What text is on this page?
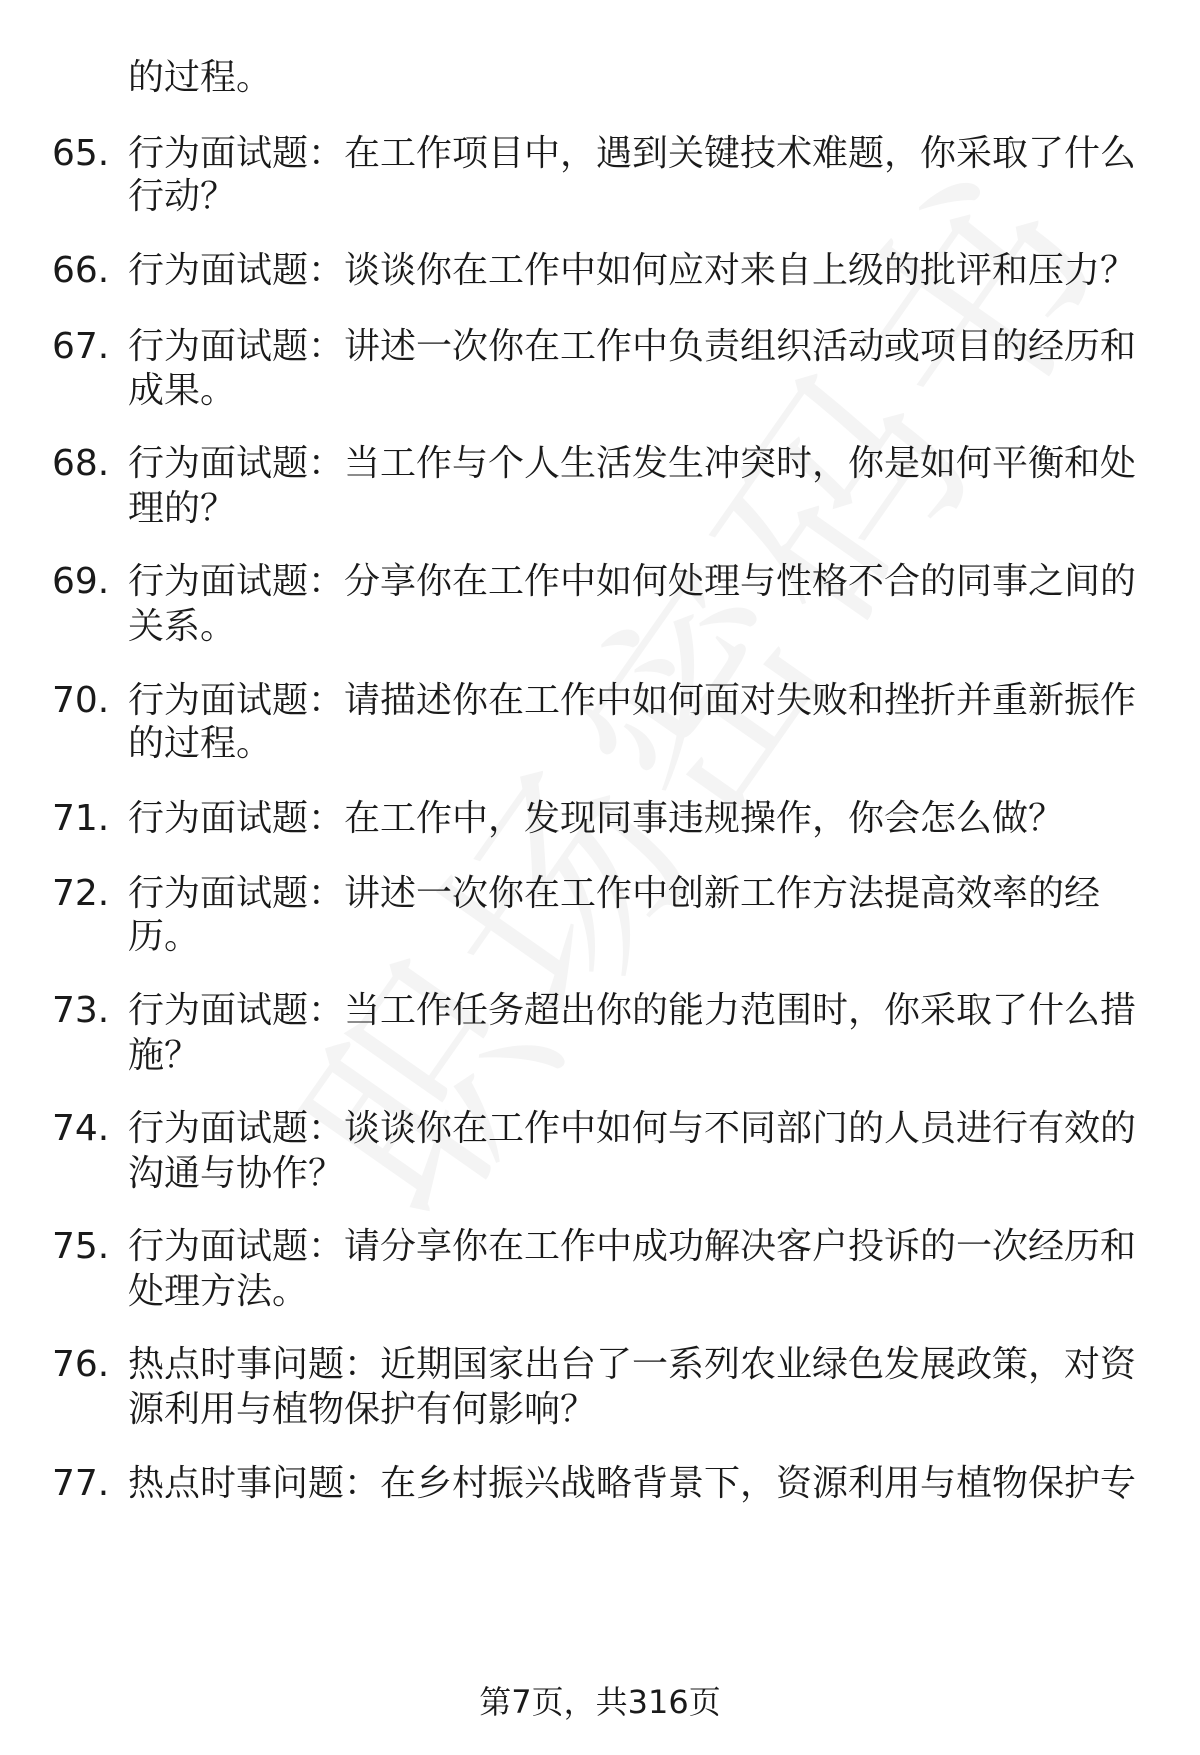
的过程。
65. 行为面试题：在工作项目中，遇到关键技术难题，你采取了什么
行动？
66. 行为面试题：谈谈你在工作中如何应对来自上级的批评和压力？
67. 行为面试题：讲述一次你在工作中负责组织活动或项目的经历和
成果。
68. 行为面试题：当工作与个人生活发生冲突时，你是如何平衡和处
理的？
69. 行为面试题：分享你在工作中如何处理与性格不合的同事之间的
关系。
70. 行为面试题：请描述你在工作中如何面对失败和挫折并重新振作
的过程。
71. 行为面试题：在工作中，发现同事违规操作，你会怎么做？
72. 行为面试题：讲述一次你在工作中创新工作方法提高效率的经
历。
73. 行为面试题：当工作任务超出你的能力范围时，你采取了什么措
施？
74. 行为面试题：谈谈你在工作中如何与不同部门的人员进行有效的
沟通与协作？
75. 行为面试题：请分享你在工作中成功解决客户投诉的一次经历和
处理方法。
76. 热点时事问题：近期国家出台了一系列农业绿色发展政策，对资
源利用与植物保护有何影响？
77. 热点时事问题：在乡村振兴战略背景下，资源利用与植物保护专
第7页，共316页
